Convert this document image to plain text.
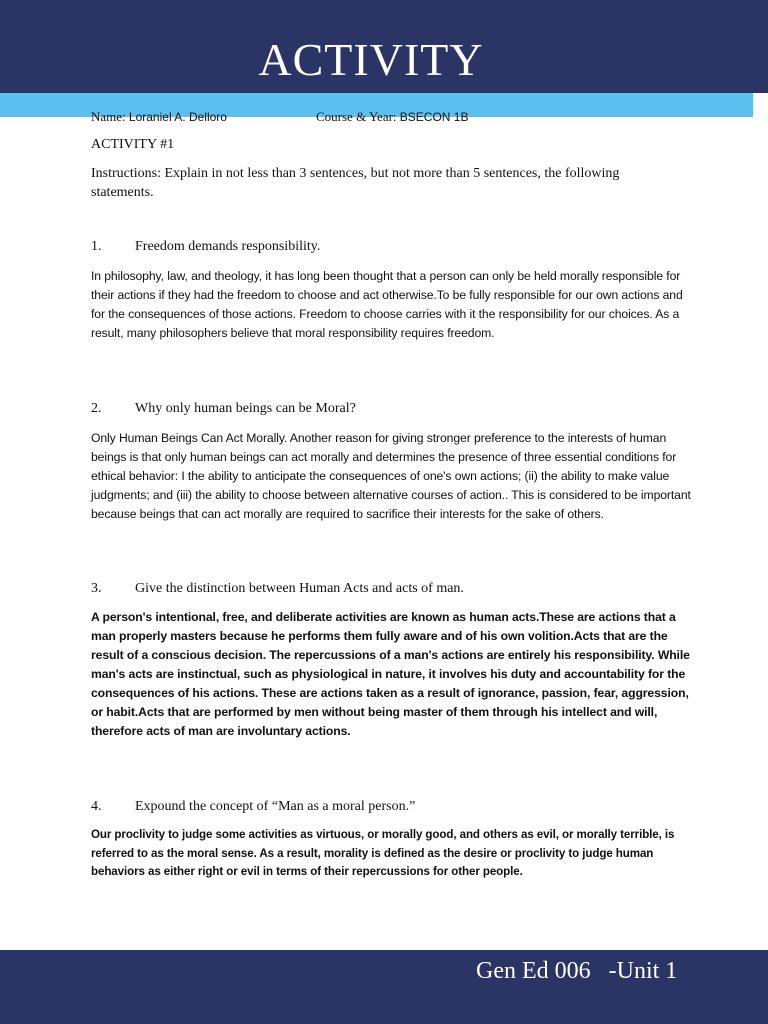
ACTIVITY
Name: Loraniel A. Delloro	Course & Year: BSECON 1B
ACTIVITY #1
Instructions: Explain in not less than 3 sentences, but not more than 5 sentences, the following statements.
1. Freedom demands responsibility.
In philosophy, law, and theology, it has long been thought that a person can only be held morally responsible for their actions if they had the freedom to choose and act otherwise.To be fully responsible for our own actions and for the consequences of those actions. Freedom to choose carries with it the responsibility for our choices. As a result, many philosophers believe that moral responsibility requires freedom.
2. Why only human beings can be Moral?
Only Human Beings Can Act Morally. Another reason for giving stronger preference to the interests of human beings is that only human beings can act morally and determines the presence of three essential conditions for ethical behavior: I the ability to anticipate the consequences of one's own actions; (ii) the ability to make value judgments; and (iii) the ability to choose between alternative courses of action.. This is considered to be important because beings that can act morally are required to sacrifice their interests for the sake of others.
3. Give the distinction between Human Acts and acts of man.
A person's intentional, free, and deliberate activities are known as human acts.These are actions that a man properly masters because he performs them fully aware and of his own volition.Acts that are the result of a conscious decision. The repercussions of a man's actions are entirely his responsibility. While man's acts are instinctual, such as physiological in nature, it involves his duty and accountability for the consequences of his actions. These are actions taken as a result of ignorance, passion, fear, aggression, or habit.Acts that are performed by men without being master of them through his intellect and will, therefore acts of man are involuntary actions.
4. Expound the concept of “Man as a moral person.”
Our proclivity to judge some activities as virtuous, or morally good, and others as evil, or morally terrible, is referred to as the moral sense. As a result, morality is defined as the desire or proclivity to judge human behaviors as either right or evil in terms of their repercussions for other people.
Gen Ed 006   -Unit 1
